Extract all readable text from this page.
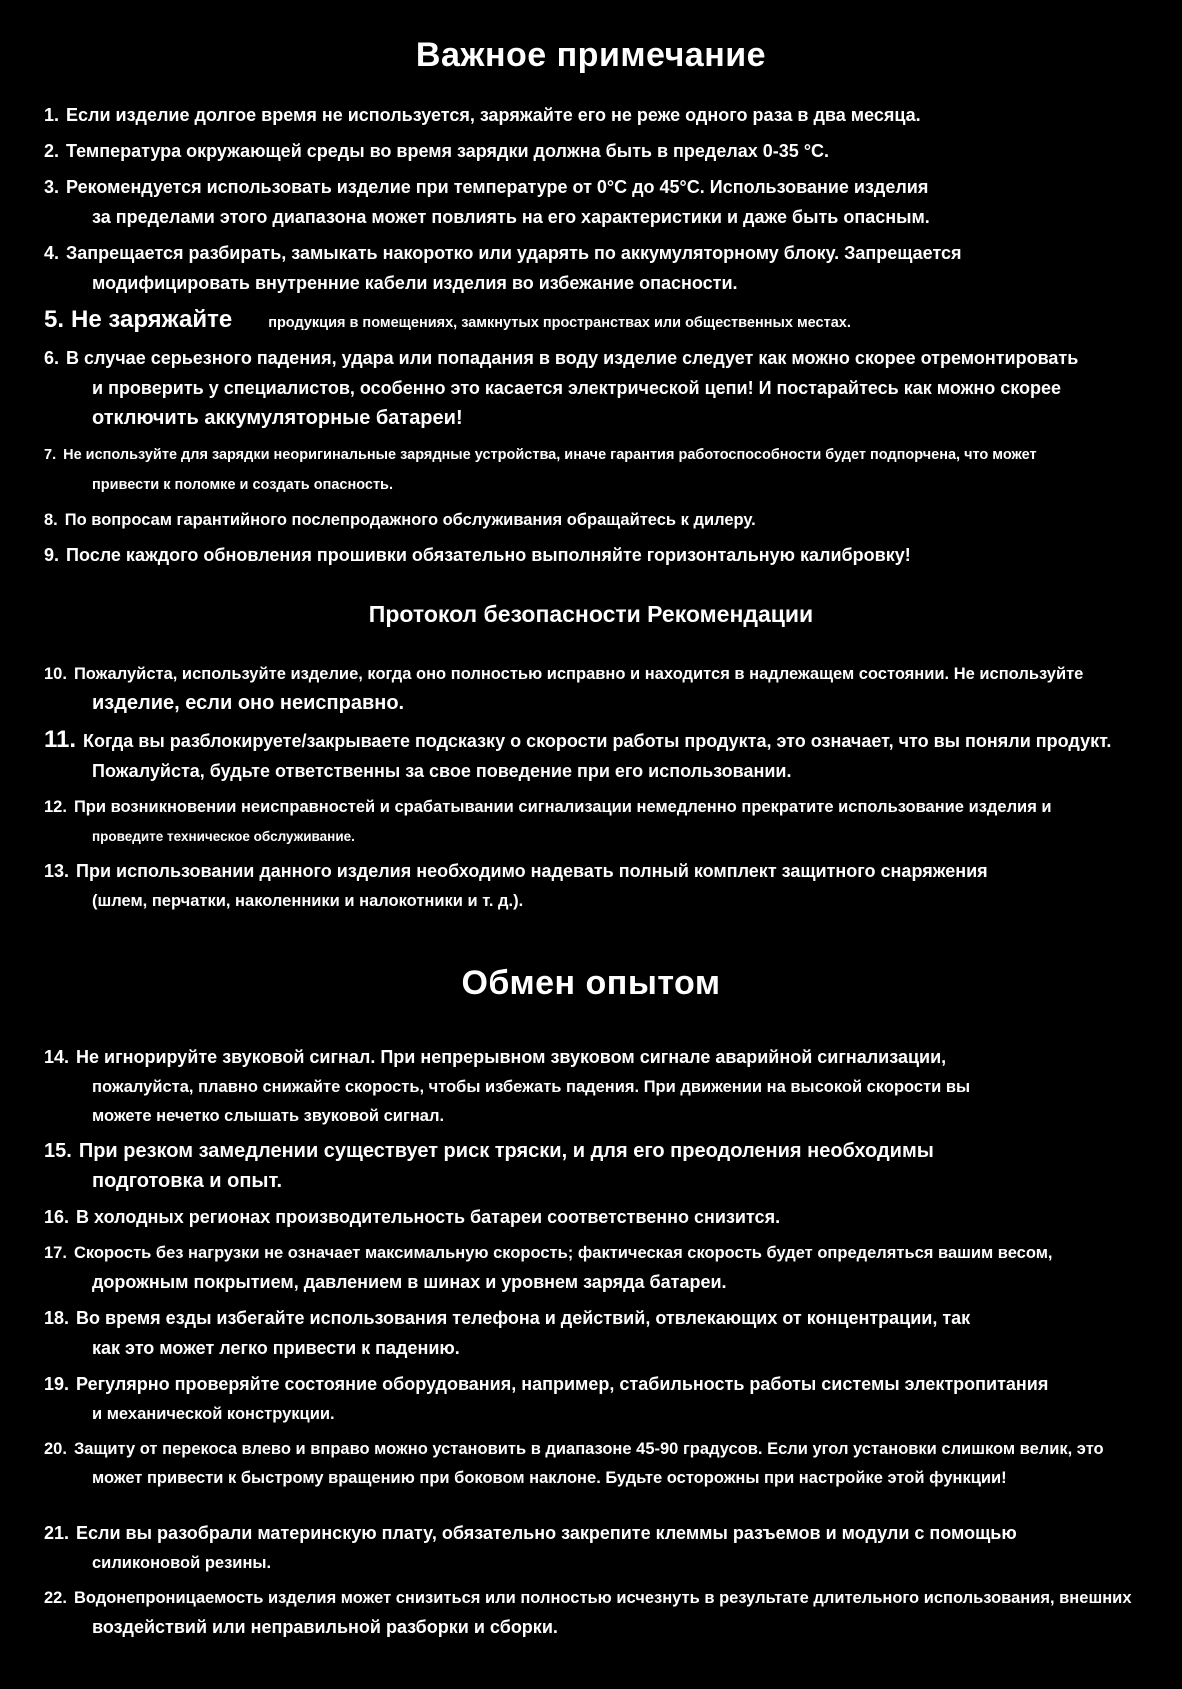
Важное примечание
1. Если изделие долгое время не используется, заряжайте его не реже одного раза в два месяца.
2. Температура окружающей среды во время зарядки должна быть в пределах 0-35 °C.
3. Рекомендуется использовать изделие при температуре от 0°C до 45°C. Использование изделия
за пределами этого диапазона может повлиять на его характеристики и даже быть опасным.
4. Запрещается разбирать, замыкать накоротко или ударять по аккумуляторному блоку. Запрещается
модифицировать внутренние кабели изделия во избежание опасности.
5. Не заряжайте продукция в помещениях, замкнутых пространствах или общественных местах.
6. В случае серьезного падения, удара или попадания в воду изделие следует как можно скорее отремонтировать
и проверить у специалистов, особенно это касается электрической цепи! И постарайтесь как можно скорее
отключить аккумуляторные батареи!
7. Не используйте для зарядки неоригинальные зарядные устройства, иначе гарантия работоспособности будет подпорчена, что может
привести к поломке и создать опасность.
8. По вопросам гарантийного послепродажного обслуживания обращайтесь к дилеру.
9. После каждого обновления прошивки обязательно выполняйте горизонтальную калибровку!
Протокол безопасности Рекомендации
10. Пожалуйста, используйте изделие, когда оно полностью исправно и находится в надлежащем состоянии. Не используйте
изделие, если оно неисправно.
11. Когда вы разблокируете/закрываете подсказку о скорости работы продукта, это означает, что вы поняли продукт.
Пожалуйста, будьте ответственны за свое поведение при его использовании.
12. При возникновении неисправностей и срабатывании сигнализации немедленно прекратите использование изделия и
проведите техническое обслуживание.
13. При использовании данного изделия необходимо надевать полный комплект защитного снаряжения
(шлем, перчатки, наколенники и налокотники и т. д.).
Обмен опытом
14. Не игнорируйте звуковой сигнал. При непрерывном звуковом сигнале аварийной сигнализации,
пожалуйста, плавно снижайте скорость, чтобы избежать падения. При движении на высокой скорости вы
можете нечетко слышать звуковой сигнал.
15. При резком замедлении существует риск тряски, и для его преодоления необходимы
подготовка и опыт.
16. В холодных регионах производительность батареи соответственно снизится.
17. Скорость без нагрузки не означает максимальную скорость; фактическая скорость будет определяться вашим весом,
дорожным покрытием, давлением в шинах и уровнем заряда батареи.
18. Во время езды избегайте использования телефона и действий, отвлекающих от концентрации, так
как это может легко привести к падению.
19. Регулярно проверяйте состояние оборудования, например, стабильность работы системы электропитания
и механической конструкции.
20. Защиту от перекоса влево и вправо можно установить в диапазоне 45-90 градусов. Если угол установки слишком велик, это
может привести к быстрому вращению при боковом наклоне. Будьте осторожны при настройке этой функции!
21. Если вы разобрали материнскую плату, обязательно закрепите клеммы разъемов и модули с помощью
силиконовой резины.
22. Водонепроницаемость изделия может снизиться или полностью исчезнуть в результате длительного использования, внешних
воздействий или неправильной разборки и сборки.
